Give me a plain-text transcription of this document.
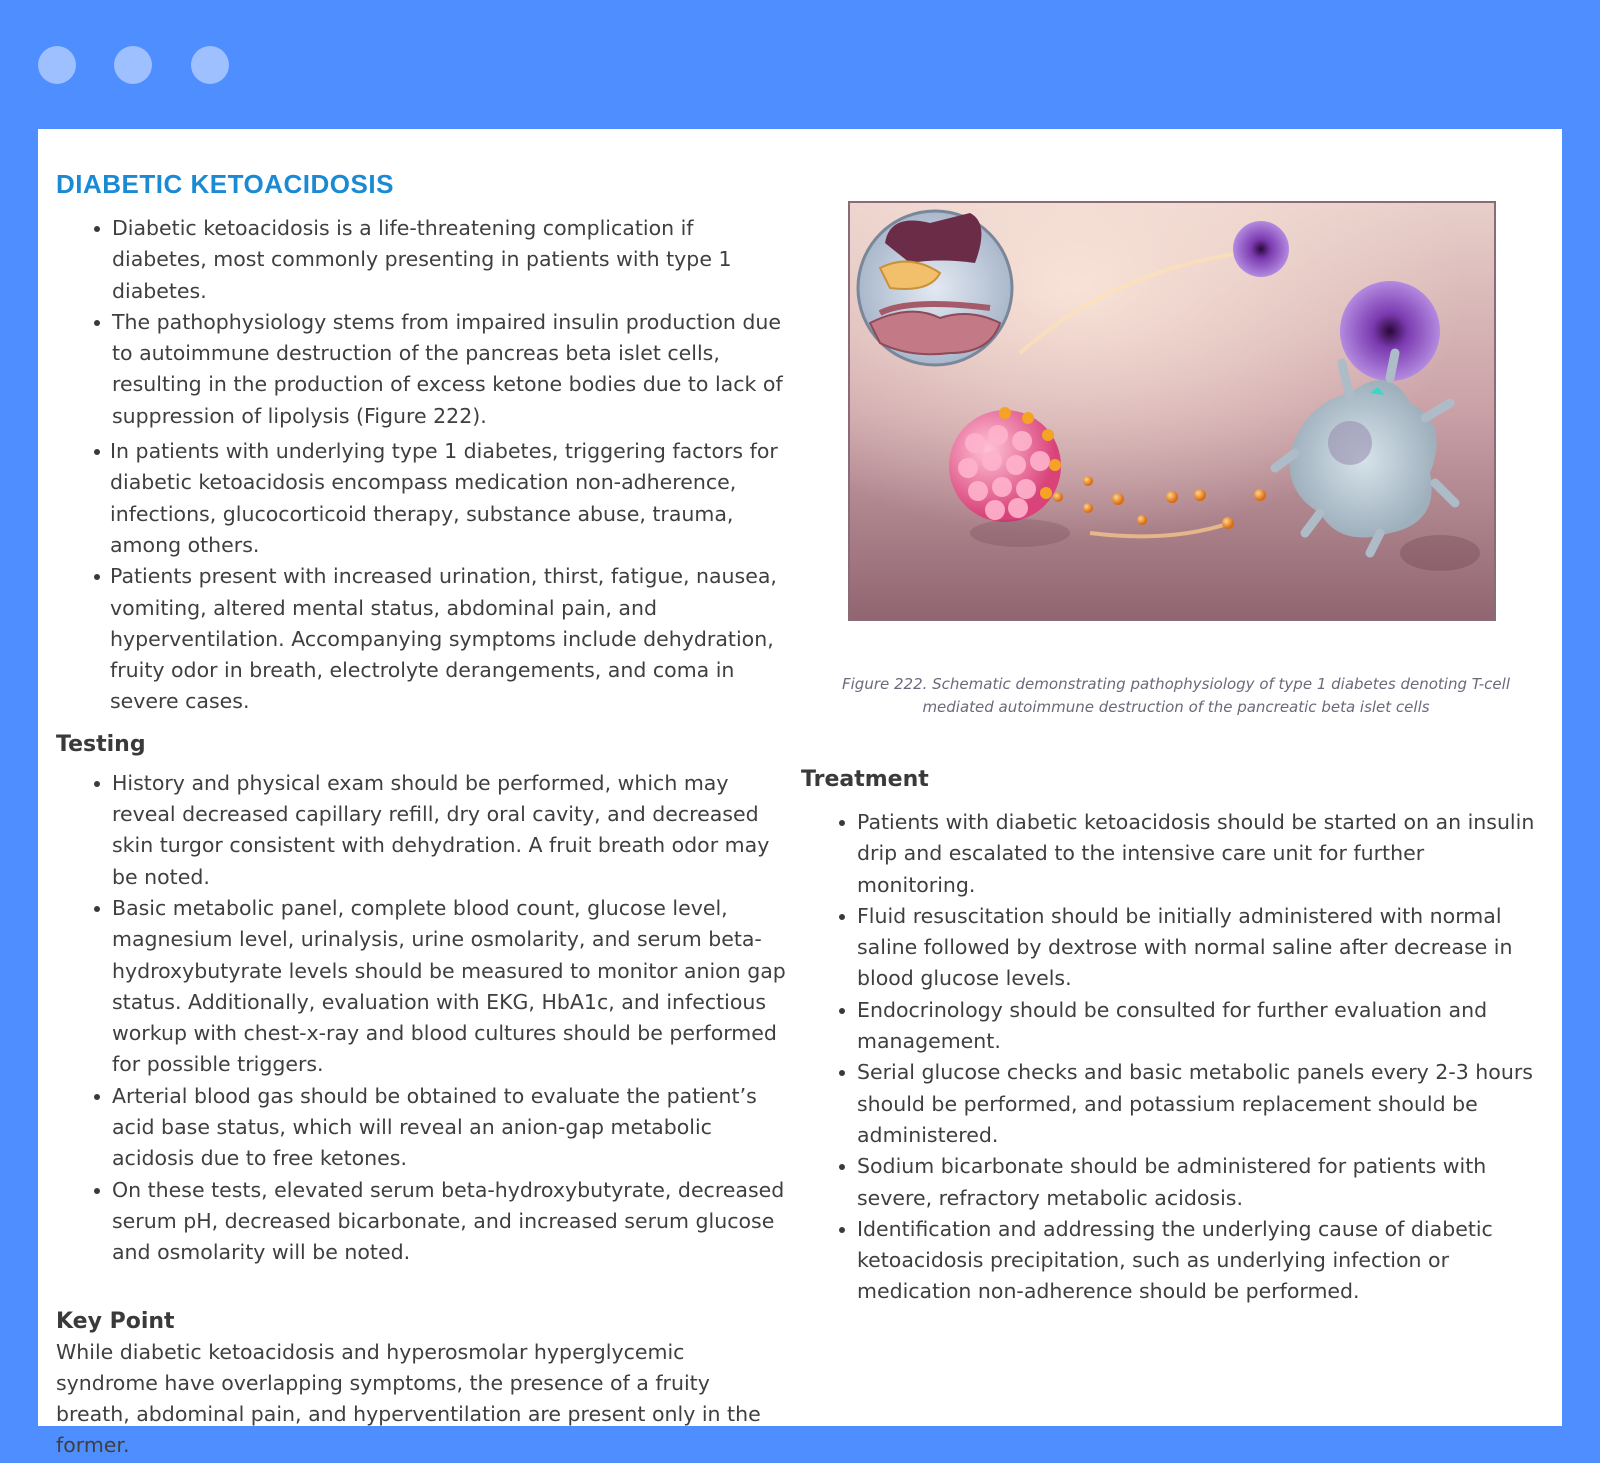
DIABETIC KETOACIDOSIS
Diabetic ketoacidosis is a life-threatening complication if diabetes, most commonly presenting in patients with type 1 diabetes.
The pathophysiology stems from impaired insulin production due to autoimmune destruction of the pancreas beta islet cells, resulting in the production of excess ketone bodies due to lack of suppression of lipolysis (Figure 222).
In patients with underlying type 1 diabetes, triggering factors for diabetic ketoacidosis encompass medication non-adherence, infections, glucocorticoid therapy, substance abuse, trauma, among others.
Patients present with increased urination, thirst, fatigue, nausea, vomiting, altered mental status, abdominal pain, and hyperventilation. Accompanying symptoms include dehydration, fruity odor in breath, electrolyte derangements, and coma in severe cases.
Testing
History and physical exam should be performed, which may reveal decreased capillary refill, dry oral cavity, and decreased skin turgor consistent with dehydration. A fruit breath odor may be noted.
Basic metabolic panel, complete blood count, glucose level, magnesium level, urinalysis, urine osmolarity, and serum beta-hydroxybutyrate levels should be measured to monitor anion gap status. Additionally, evaluation with EKG, HbA1c, and infectious workup with chest-x-ray and blood cultures should be performed for possible triggers.
Arterial blood gas should be obtained to evaluate the patient’s acid base status, which will reveal an anion-gap metabolic acidosis due to free ketones.
On these tests, elevated serum beta-hydroxybutyrate, decreased serum pH, decreased bicarbonate, and increased serum glucose and osmolarity will be noted.
Key Point

While diabetic ketoacidosis and hyperosmolar hyperglycemic syndrome have overlapping symptoms, the presence of a fruity breath, abdominal pain, and hyperventilation are present only in the former.

Figure 222. Schematic demonstrating pathophysiology of type 1 diabetes denoting T-cell mediated autoimmune destruction of the pancreatic beta islet cells

Treatment
Patients with diabetic ketoacidosis should be started on an insulin drip and escalated to the intensive care unit for further monitoring.
Fluid resuscitation should be initially administered with normal saline followed by dextrose with normal saline after decrease in blood glucose levels.
Endocrinology should be consulted for further evaluation and management.
Serial glucose checks and basic metabolic panels every 2-3 hours should be performed, and potassium replacement should be administered.
Sodium bicarbonate should be administered for patients with severe, refractory metabolic acidosis.
Identification and addressing the underlying cause of diabetic ketoacidosis precipitation, such as underlying infection or medication non-adherence should be performed.
